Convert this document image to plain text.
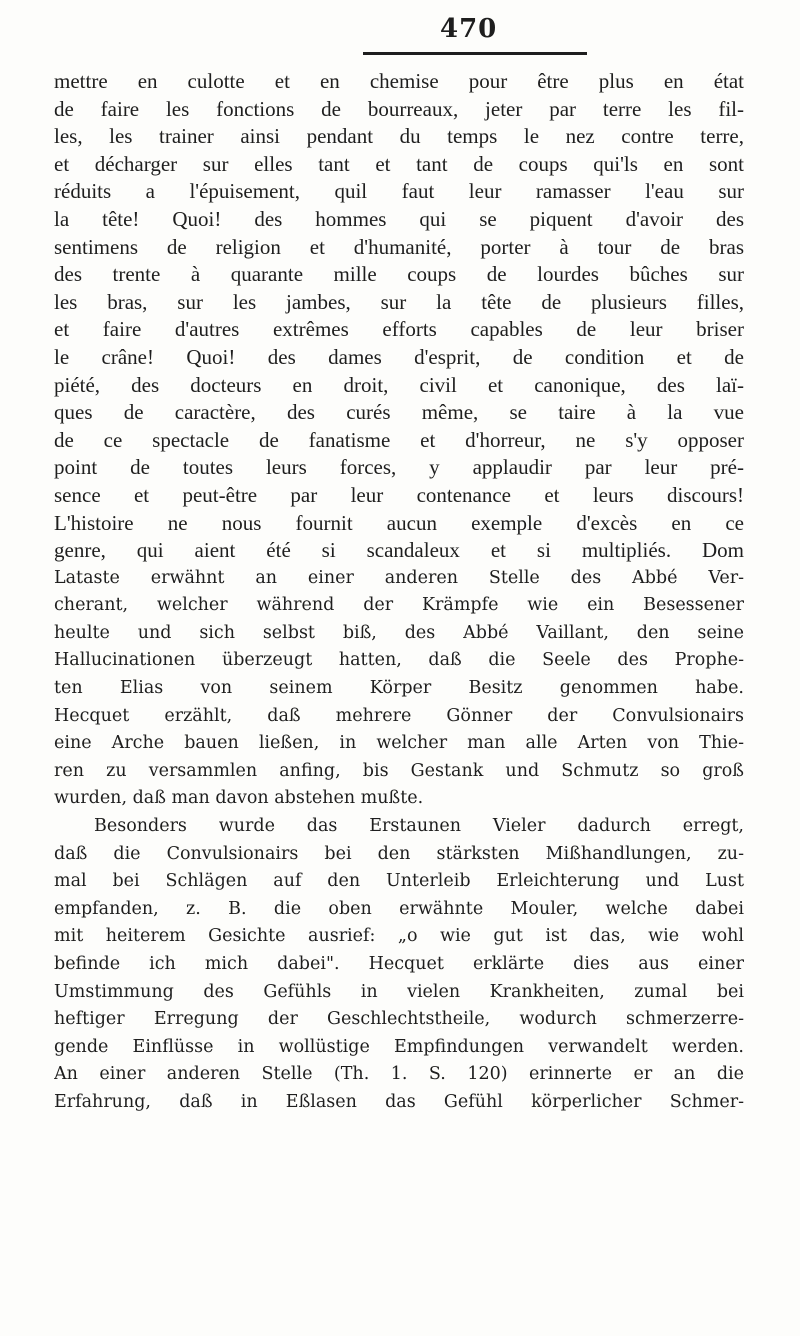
470
mettre en culotte et en chemise pour être plus en état
de faire les fonctions de bourreaux, jeter par terre les fil-
les, les trainer ainsi pendant du temps le nez contre terre,
et décharger sur elles tant et tant de coups qui'ls en sont
réduits a l'épuisement, quil faut leur ramasser l'eau sur
la tête! Quoi! des hommes qui se piquent d'avoir des
sentimens de religion et d'humanité, porter à tour de bras
des trente à quarante mille coups de lourdes bûches sur
les bras, sur les jambes, sur la tête de plusieurs filles,
et faire d'autres extrêmes efforts capables de leur briser
le crâne! Quoi! des dames d'esprit, de condition et de
piété, des docteurs en droit, civil et canonique, des laï-
ques de caractère, des curés même, se taire à la vue
de ce spectacle de fanatisme et d'horreur, ne s'y opposer
point de toutes leurs forces, y applaudir par leur pré-
sence et peut-être par leur contenance et leurs discours!
L'histoire ne nous fournit aucun exemple d'excès en ce
genre, qui aient été si scandaleux et si multipliés. Dom
Lataste erwähnt an einer anderen Stelle des Abbé Ver-
cherant, welcher während der Krämpfe wie ein Besessener
heulte und sich selbst biß, des Abbé Vaillant, den seine
Hallucinationen überzeugt hatten, daß die Seele des Prophe-
ten Elias von seinem Körper Besitz genommen habe.
Hecquet erzählt, daß mehrere Gönner der Convulsionairs
eine Arche bauen ließen, in welcher man alle Arten von Thie-
ren zu versammlen anfing, bis Gestank und Schmutz so groß
wurden, daß man davon abstehen mußte.
Besonders wurde das Erstaunen Vieler dadurch erregt,
daß die Convulsionairs bei den stärksten Mißhandlungen, zu-
mal bei Schlägen auf den Unterleib Erleichterung und Lust
empfanden, z. B. die oben erwähnte Mouler, welche dabei
mit heiterem Gesichte ausrief: „o wie gut ist das, wie wohl
befinde ich mich dabei". Hecquet erklärte dies aus einer
Umstimmung des Gefühls in vielen Krankheiten, zumal bei
heftiger Erregung der Geschlechtstheile, wodurch schmerzerre-
gende Einflüsse in wollüstige Empfindungen verwandelt werden.
An einer anderen Stelle (Th. 1. S. 120) erinnerte er an die
Erfahrung, daß in Eßlasen das Gefühl körperlicher Schmer-
